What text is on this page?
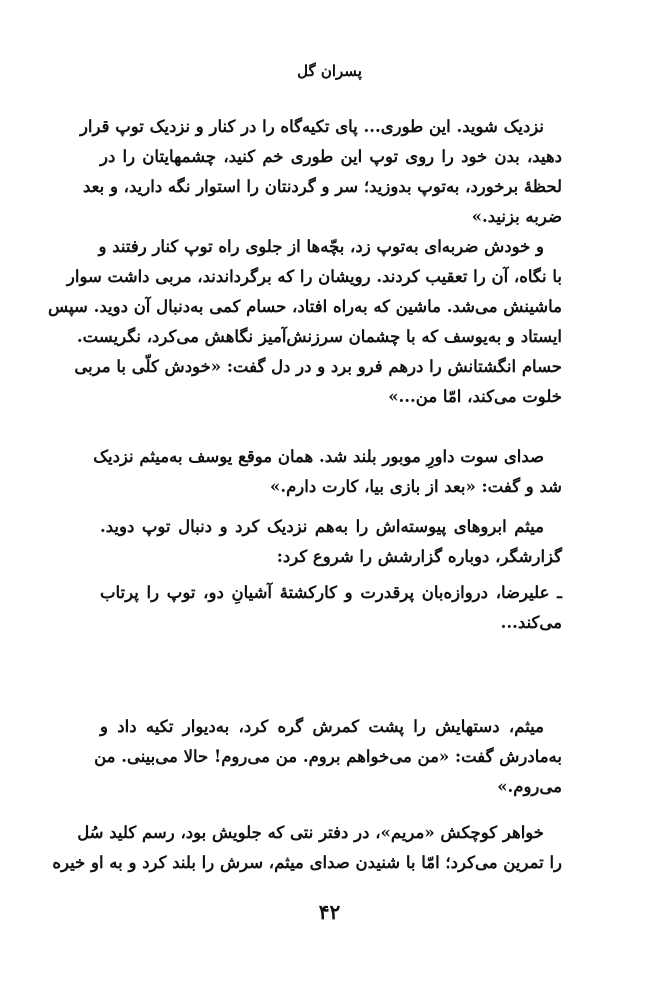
پسران گل
نزدیک شوید. این طوری... پای تکیه‌گاه را در کنار و نزدیک توپ قرار
دهید، بدن خود را روی توپ این طوری خم کنید، چشمهایتان را در
لحظهٔ برخورد، به‌توپ بدوزید؛ سر و گردنتان را استوار نگه دارید، و بعد
ضربه بزنید.»
و خودش ضربه‌ای به‌توپ زد، بچّه‌ها از جلوی راه توپ کنار رفتند و
با نگاه، آن را تعقیب کردند. رویشان را که برگرداندند، مربی داشت سوار
ماشینش می‌شد. ماشین که به‌راه افتاد، حسام کمی به‌دنبال آن دوید. سپس
ایستاد و به‌یوسف که با چشمان سرزنش‌آمیز نگاهش می‌کرد، نگریست.
حسام انگشتانش را درهم فرو برد و در دل گفت: «خودش کلّی با مربی
خلوت می‌کند، امّا من...»
صدای سوت داورِ موبور بلند شد. همان موقع یوسف به‌میثم نزدیک
شد و گفت: «بعد از بازی بیا، کارت دارم.»
میثم ابروهای پیوسته‌اش را به‌هم نزدیک کرد و دنبال توپ دوید.
گزارشگر، دوباره گزارشش را شروع کرد:
ـ علیرضا، دروازه‌بان پرقدرت و کارکشتهٔ آشیانِ دو، توپ را پرتاب
می‌کند...
میثم، دستهایش را پشت کمرش گره کرد، به‌دیوار تکیه داد و
به‌مادرش گفت: «من می‌خواهم بروم. من می‌روم! حالا می‌بینی. من
می‌روم.»
خواهر کوچکش «مریم»، در دفتر نتی که جلویش بود، رسم کلید سُل
را تمرین می‌کرد؛ امّا با شنیدن صدای میثم، سرش را بلند کرد و به او خیره
۴۲
